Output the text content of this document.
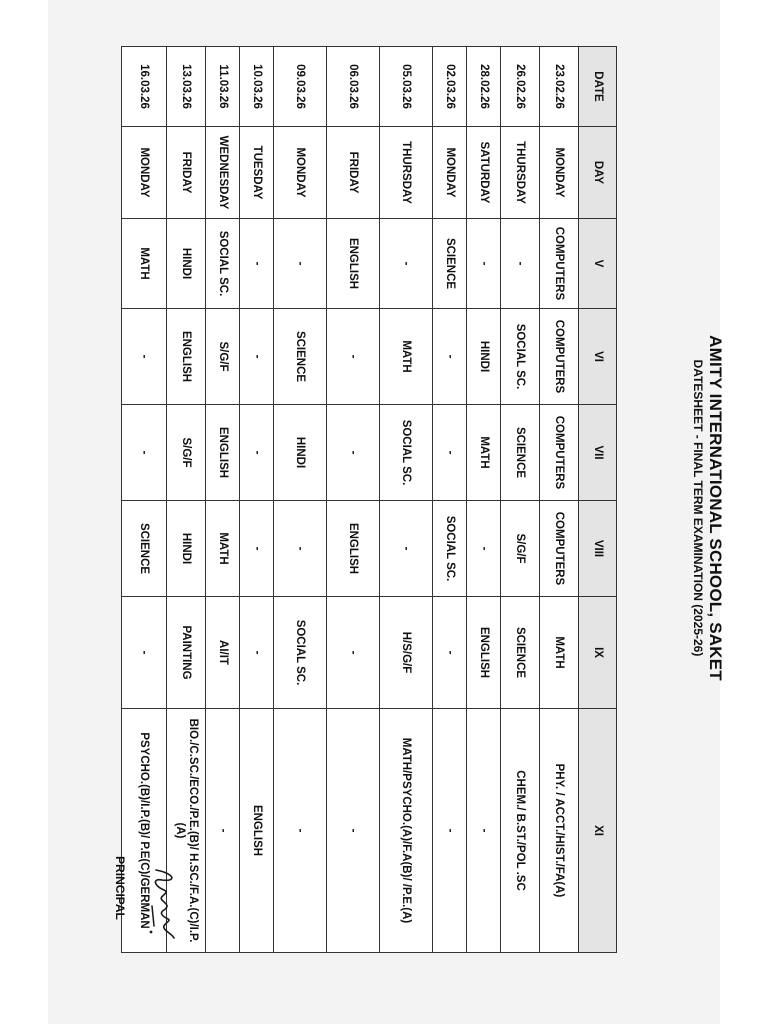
AMITY INTERNATIONAL SCHOOL, SAKET
DATESHEET - FINAL TERM EXAMINATION (2025-26)
DATE	DAY	V	VI	VII	VIII	IX	XI
23.02.26	MONDAY	COMPUTERS	COMPUTERS	COMPUTERS	COMPUTERS	MATH	PHY. / ACCT./HIST./FA(A)
26.02.26	THURSDAY	-	SOCIAL SC.	SCIENCE	S/G/F	SCIENCE	CHEM./ B.ST./POL .SC
28.02.26	SATURDAY	-	HINDI	MATH	-	ENGLISH	-
02.03.26	MONDAY	SCIENCE	-	-	SOCIAL SC.	-	-
05.03.26	THURSDAY	-	MATH	SOCIAL SC.	-	H/S/G/F	MATH/PSYCHO.(A)/F.A(B)/ /P.E.(A)
06.03.26	FRIDAY	ENGLISH	-	-	ENGLISH	-	-
09.03.26	MONDAY	-	SCIENCE	HINDI	-	SOCIAL SC.	-
10.03.26	TUESDAY	-	-	-	-	-	ENGLISH
11.03.26	WEDNESDAY	SOCIAL SC.	S/G/F	ENGLISH	MATH	AI/IT	-
13.03.26	FRIDAY	HINDI	ENGLISH	S/G/F	HINDI	PAINTING	BIO./C.SC./ECO./P.E.(B)/ H.SC./F.A.(C)/I.P.(A)
16.03.26	MONDAY	MATH	-	-	SCIENCE	-	PSYCHO.(B)/I.P.(B)/ P.E(C)/GERMAN
PRINCIPAL
